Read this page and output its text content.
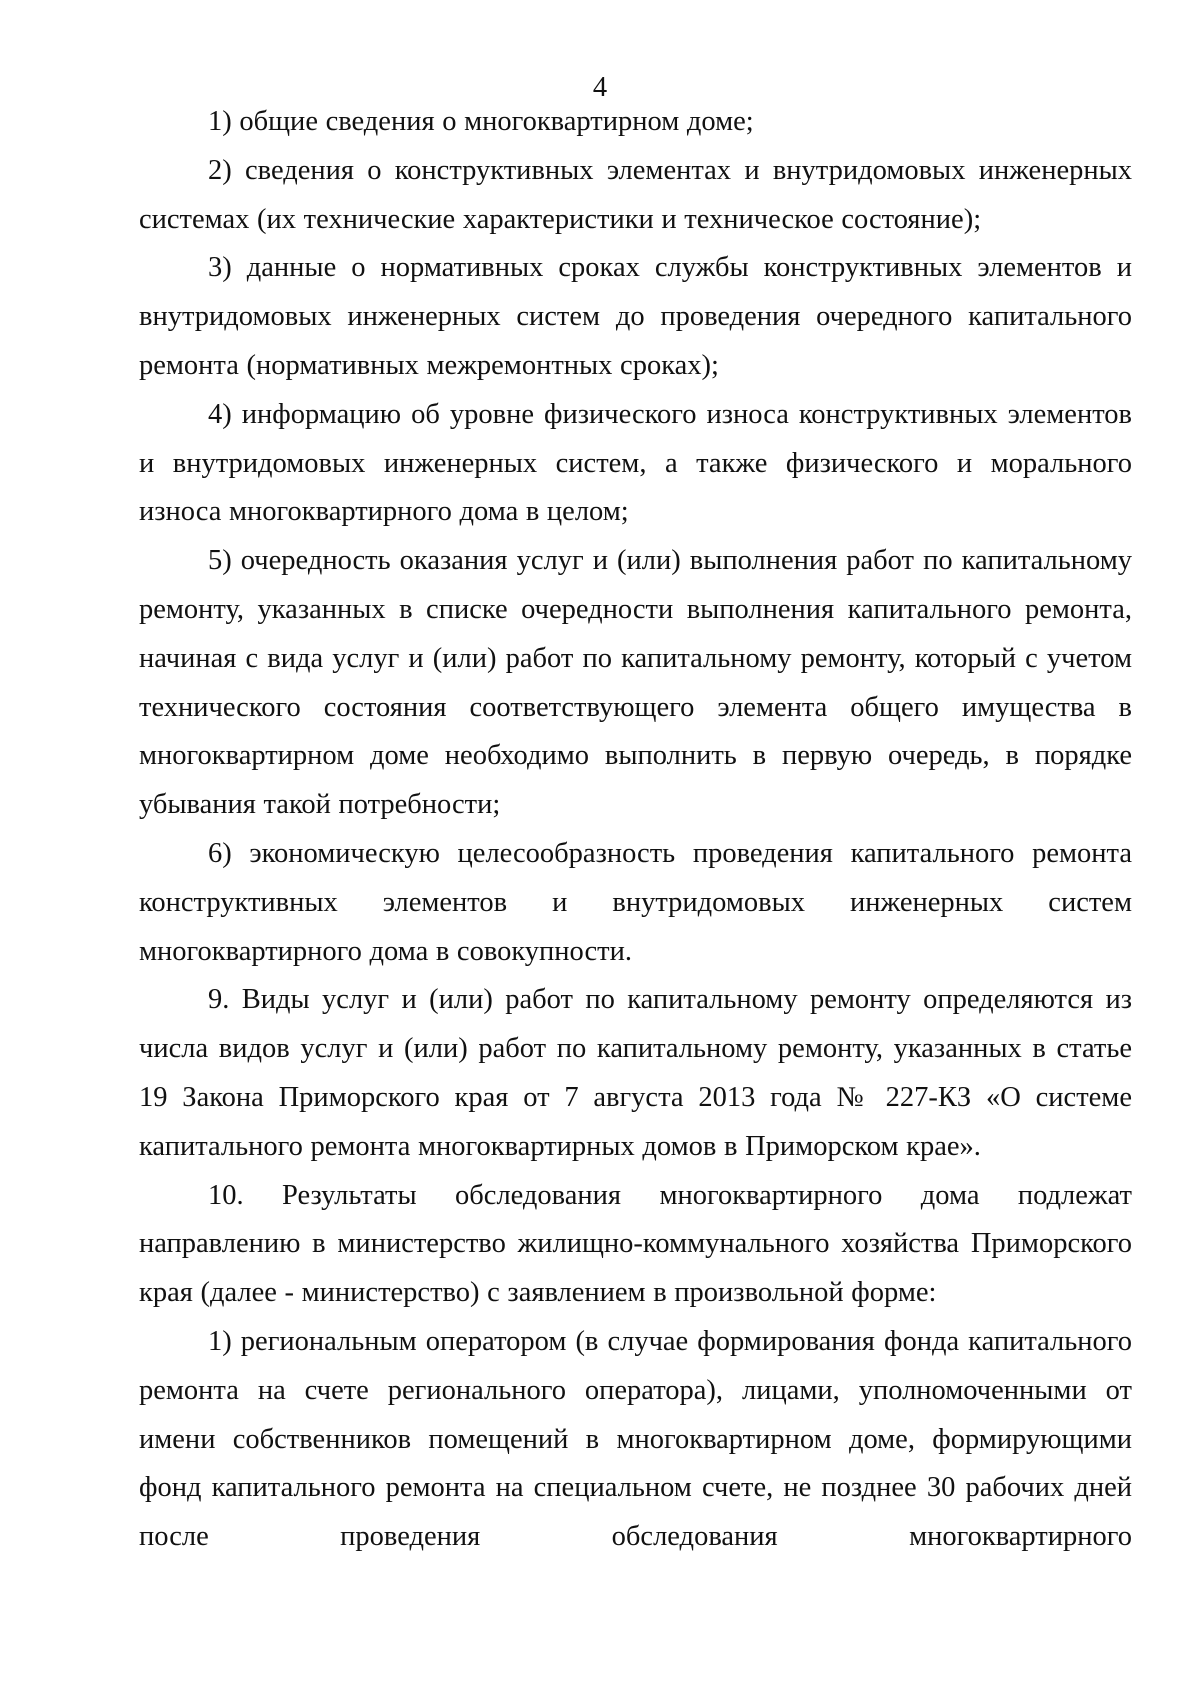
4

1) общие сведения о многоквартирном доме;

2) сведения о конструктивных элементах и внутридомовых инженерных системах (их технические характеристики и техническое состояние);

3) данные о нормативных сроках службы конструктивных элементов и внутридомовых инженерных систем до проведения очередного капитального ремонта (нормативных межремонтных сроках);

4) информацию об уровне физического износа конструктивных элементов и внутридомовых инженерных систем, а также физического и морального износа многоквартирного дома в целом;

5) очередность оказания услуг и (или) выполнения работ по капитальному ремонту, указанных в списке очередности выполнения капитального ремонта, начиная с вида услуг и (или) работ по капитальному ремонту, который с учетом технического состояния соответствующего элемента общего имущества в многоквартирном доме необходимо выполнить в первую очередь, в порядке убывания такой потребности;

6) экономическую целесообразность проведения капитального ремонта конструктивных элементов и внутридомовых инженерных систем многоквартирного дома в совокупности.

9. Виды услуг и (или) работ по капитальному ремонту определяются из числа видов услуг и (или) работ по капитальному ремонту, указанных в статье 19 Закона Приморского края от 7 августа 2013 года № 227-КЗ «О системе капитального ремонта многоквартирных домов в Приморском крае».

10. Результаты обследования многоквартирного дома подлежат направлению в министерство жилищно-коммунального хозяйства Приморского края (далее - министерство) с заявлением в произвольной форме:

1) региональным оператором (в случае формирования фонда капитального ремонта на счете регионального оператора), лицами, уполномоченными от имени собственников помещений в многоквартирном доме, формирующими фонд капитального ремонта на специальном счете, не позднее 30 рабочих дней после проведения обследования многоквартирного
